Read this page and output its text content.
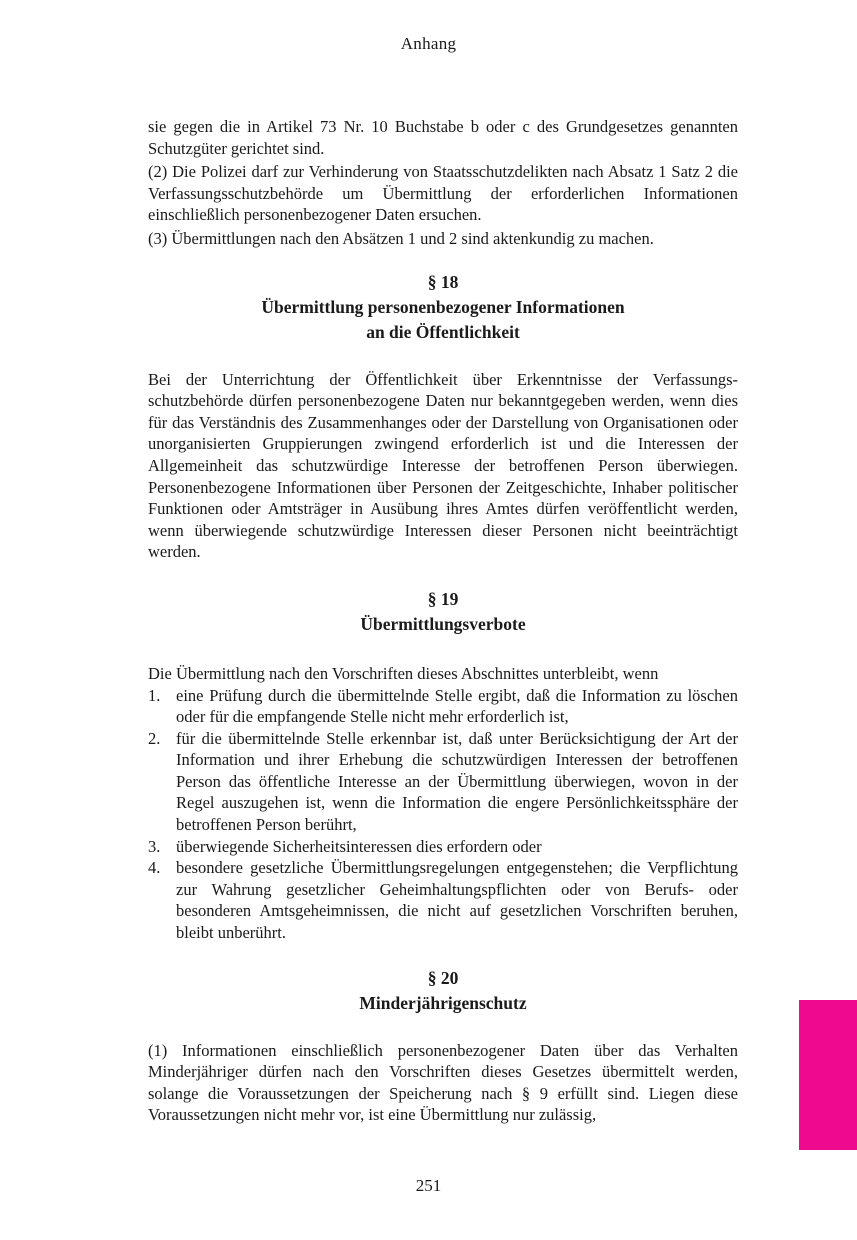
Anhang

sie gegen die in Artikel 73 Nr. 10 Buchstabe b oder c des Grundgesetzes genannten Schutzgüter gerichtet sind.

(2) Die Polizei darf zur Verhinderung von Staatsschutzdelikten nach Absatz 1 Satz 2 die Verfassungsschutzbehörde um Übermittlung der erforderlichen Informationen einschließlich personenbezogener Daten ersuchen.

(3) Übermittlungen nach den Absätzen 1 und 2 sind aktenkundig zu machen.

§ 18
Übermittlung personenbezogener Informationen
an die Öffentlichkeit

Bei der Unterrichtung der Öffentlichkeit über Erkenntnisse der Verfassungsschutzbehörde dürfen personenbezogene Daten nur bekanntgegeben werden, wenn dies für das Verständnis des Zusammenhanges oder der Darstellung von Organisationen oder unorganisierten Gruppierungen zwingend erforderlich ist und die Interessen der Allgemeinheit das schutzwürdige Interesse der betroffenen Person überwiegen. Personenbezogene Informationen über Personen der Zeitgeschichte, Inhaber politischer Funktionen oder Amtsträger in Ausübung ihres Amtes dürfen veröffentlicht werden, wenn überwiegende schutzwürdige Interessen dieser Personen nicht beeinträchtigt werden.

§ 19
Übermittlungsverbote

Die Übermittlung nach den Vorschriften dieses Abschnittes unterbleibt, wenn

1. eine Prüfung durch die übermittelnde Stelle ergibt, daß die Information zu löschen oder für die empfangende Stelle nicht mehr erforderlich ist,
2. für die übermittelnde Stelle erkennbar ist, daß unter Berücksichtigung der Art der Information und ihrer Erhebung die schutzwürdigen Interessen der betroffenen Person das öffentliche Interesse an der Übermittlung überwiegen, wovon in der Regel auszugehen ist, wenn die Information die engere Persönlichkeitssphäre der betroffenen Person berührt,
3. überwiegende Sicherheitsinteressen dies erfordern oder
4. besondere gesetzliche Übermittlungsregelungen entgegenstehen; die Verpflichtung zur Wahrung gesetzlicher Geheimhaltungspflichten oder von Berufs- oder besonderen Amtsgeheimnissen, die nicht auf gesetzlichen Vorschriften beruhen, bleibt unberührt.
§ 20
Minderjährigenschutz

(1) Informationen einschließlich personenbezogener Daten über das Verhalten Minderjähriger dürfen nach den Vorschriften dieses Gesetzes übermittelt werden, solange die Voraussetzungen der Speicherung nach § 9 erfüllt sind. Liegen diese Voraussetzungen nicht mehr vor, ist eine Übermittlung nur zulässig,

251
